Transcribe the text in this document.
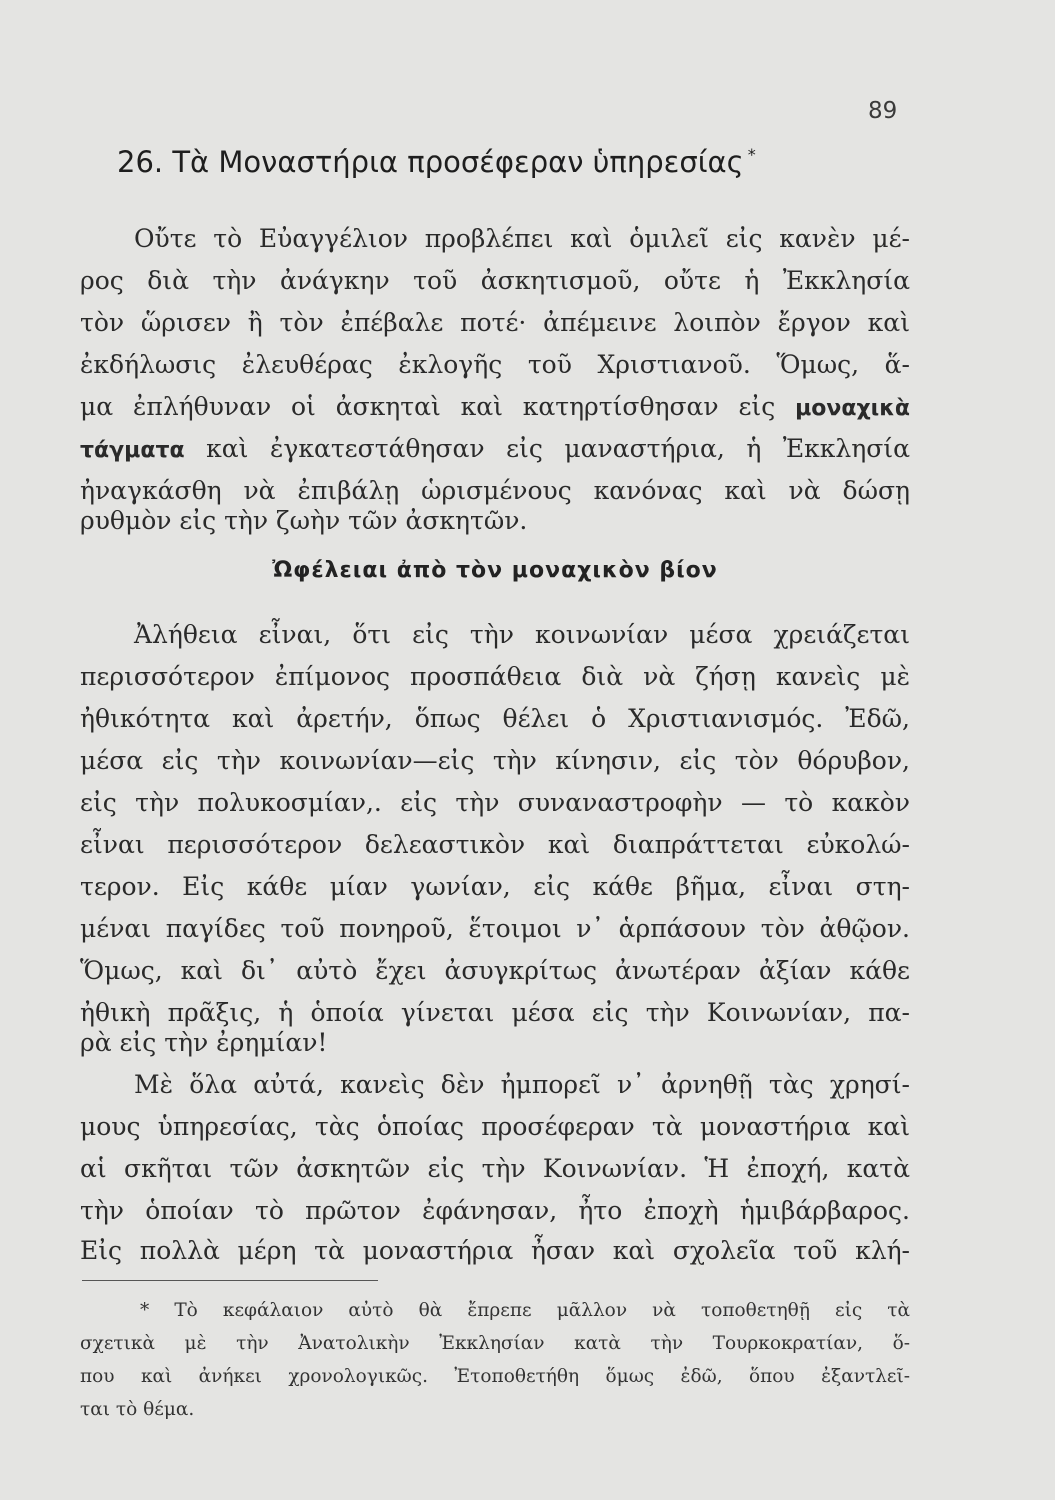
89
26. Τὰ Μοναστήρια προσέφεραν ὑπηρεσίας *
Οὔτε τὸ Εὐαγγέλιον προβλέπει καὶ ὁμιλεῖ εἰς κανὲν μέ-
ρος διὰ τὴν ἀνάγκην τοῦ ἀσκητισμοῦ, οὔτε ἡ Ἐκκλησία
τὸν ὥρισεν ἢ τὸν ἐπέβαλε ποτέ· ἀπέμεινε λοιπὸν ἔργον καὶ
ἐκδήλωσις ἐλευθέρας ἐκλογῆς τοῦ Χριστιανοῦ. Ὅμως, ἅ-
μα ἐπλήθυναν οἱ ἀσκηταὶ καὶ κατηρτίσθησαν εἰς μοναχικὰ
τάγματα καὶ ἐγκατεστάθησαν εἰς μαναστήρια, ἡ Ἐκκλησία
ἠναγκάσθη νὰ ἐπιβάλῃ ὡρισμένους κανόνας καὶ νὰ δώσῃ
ρυθμὸν εἰς τὴν ζωὴν τῶν ἀσκητῶν.
Ὠφέλειαι ἀπὸ τὸν μοναχικὸν βίον
Ἀλήθεια εἶναι, ὅτι εἰς τὴν κοινωνίαν μέσα χρειάζεται
περισσότερον ἐπίμονος προσπάθεια διὰ νὰ ζήσῃ κανεὶς μὲ
ἠθικότητα καὶ ἀρετήν, ὅπως θέλει ὁ Χριστιανισμός. Ἐδῶ,
μέσα εἰς τὴν κοινωνίαν—εἰς τὴν κίνησιν, εἰς τὸν θόρυβον,
εἰς τὴν πολυκοσμίαν,. εἰς τὴν συναναστροφὴν — τὸ κακὸν
εἶναι περισσότερον δελεαστικὸν καὶ διαπράττεται εὐκολώ-
τερον. Εἰς κάθε μίαν γωνίαν, εἰς κάθε βῆμα, εἶναι στη-
μέναι παγίδες τοῦ πονηροῦ, ἕτοιμοι ν᾽ ἁρπάσουν τὸν ἀθῷον.
Ὅμως, καὶ δι᾽ αὐτὸ ἔχει ἀσυγκρίτως ἀνωτέραν ἀξίαν κάθε
ἠθικὴ πρᾶξις, ἡ ὁποία γίνεται μέσα εἰς τὴν Κοινωνίαν, πα-
ρὰ εἰς τὴν ἐρημίαν!
Μὲ ὅλα αὐτά, κανεὶς δὲν ἠμπορεῖ ν᾽ ἀρνηθῇ τὰς χρησί-
μους ὑπηρεσίας, τὰς ὁποίας προσέφεραν τὰ μοναστήρια καὶ
αἱ σκῆται τῶν ἀσκητῶν εἰς τὴν Κοινωνίαν. Ἡ ἐποχή, κατὰ
τὴν ὁποίαν τὸ πρῶτον ἐφάνησαν, ἦτο ἐποχὴ ἡμιβάρβαρος.
Εἰς πολλὰ μέρη τὰ μοναστήρια ἦσαν καὶ σχολεῖα τοῦ κλή-
* Τὸ κεφάλαιον αὐτὸ θὰ ἔπρεπε μᾶλλον νὰ τοποθετηθῇ εἰς τὰ
σχετικὰ μὲ τὴν Ἀνατολικὴν Ἐκκλησίαν κατὰ τὴν Τουρκοκρατίαν, ὅ-
που καὶ ἀνήκει χρονολογικῶς. Ἐτοποθετήθη ὅμως ἐδῶ, ὅπου ἐξαντλεῖ-
ται τὸ θέμα.
